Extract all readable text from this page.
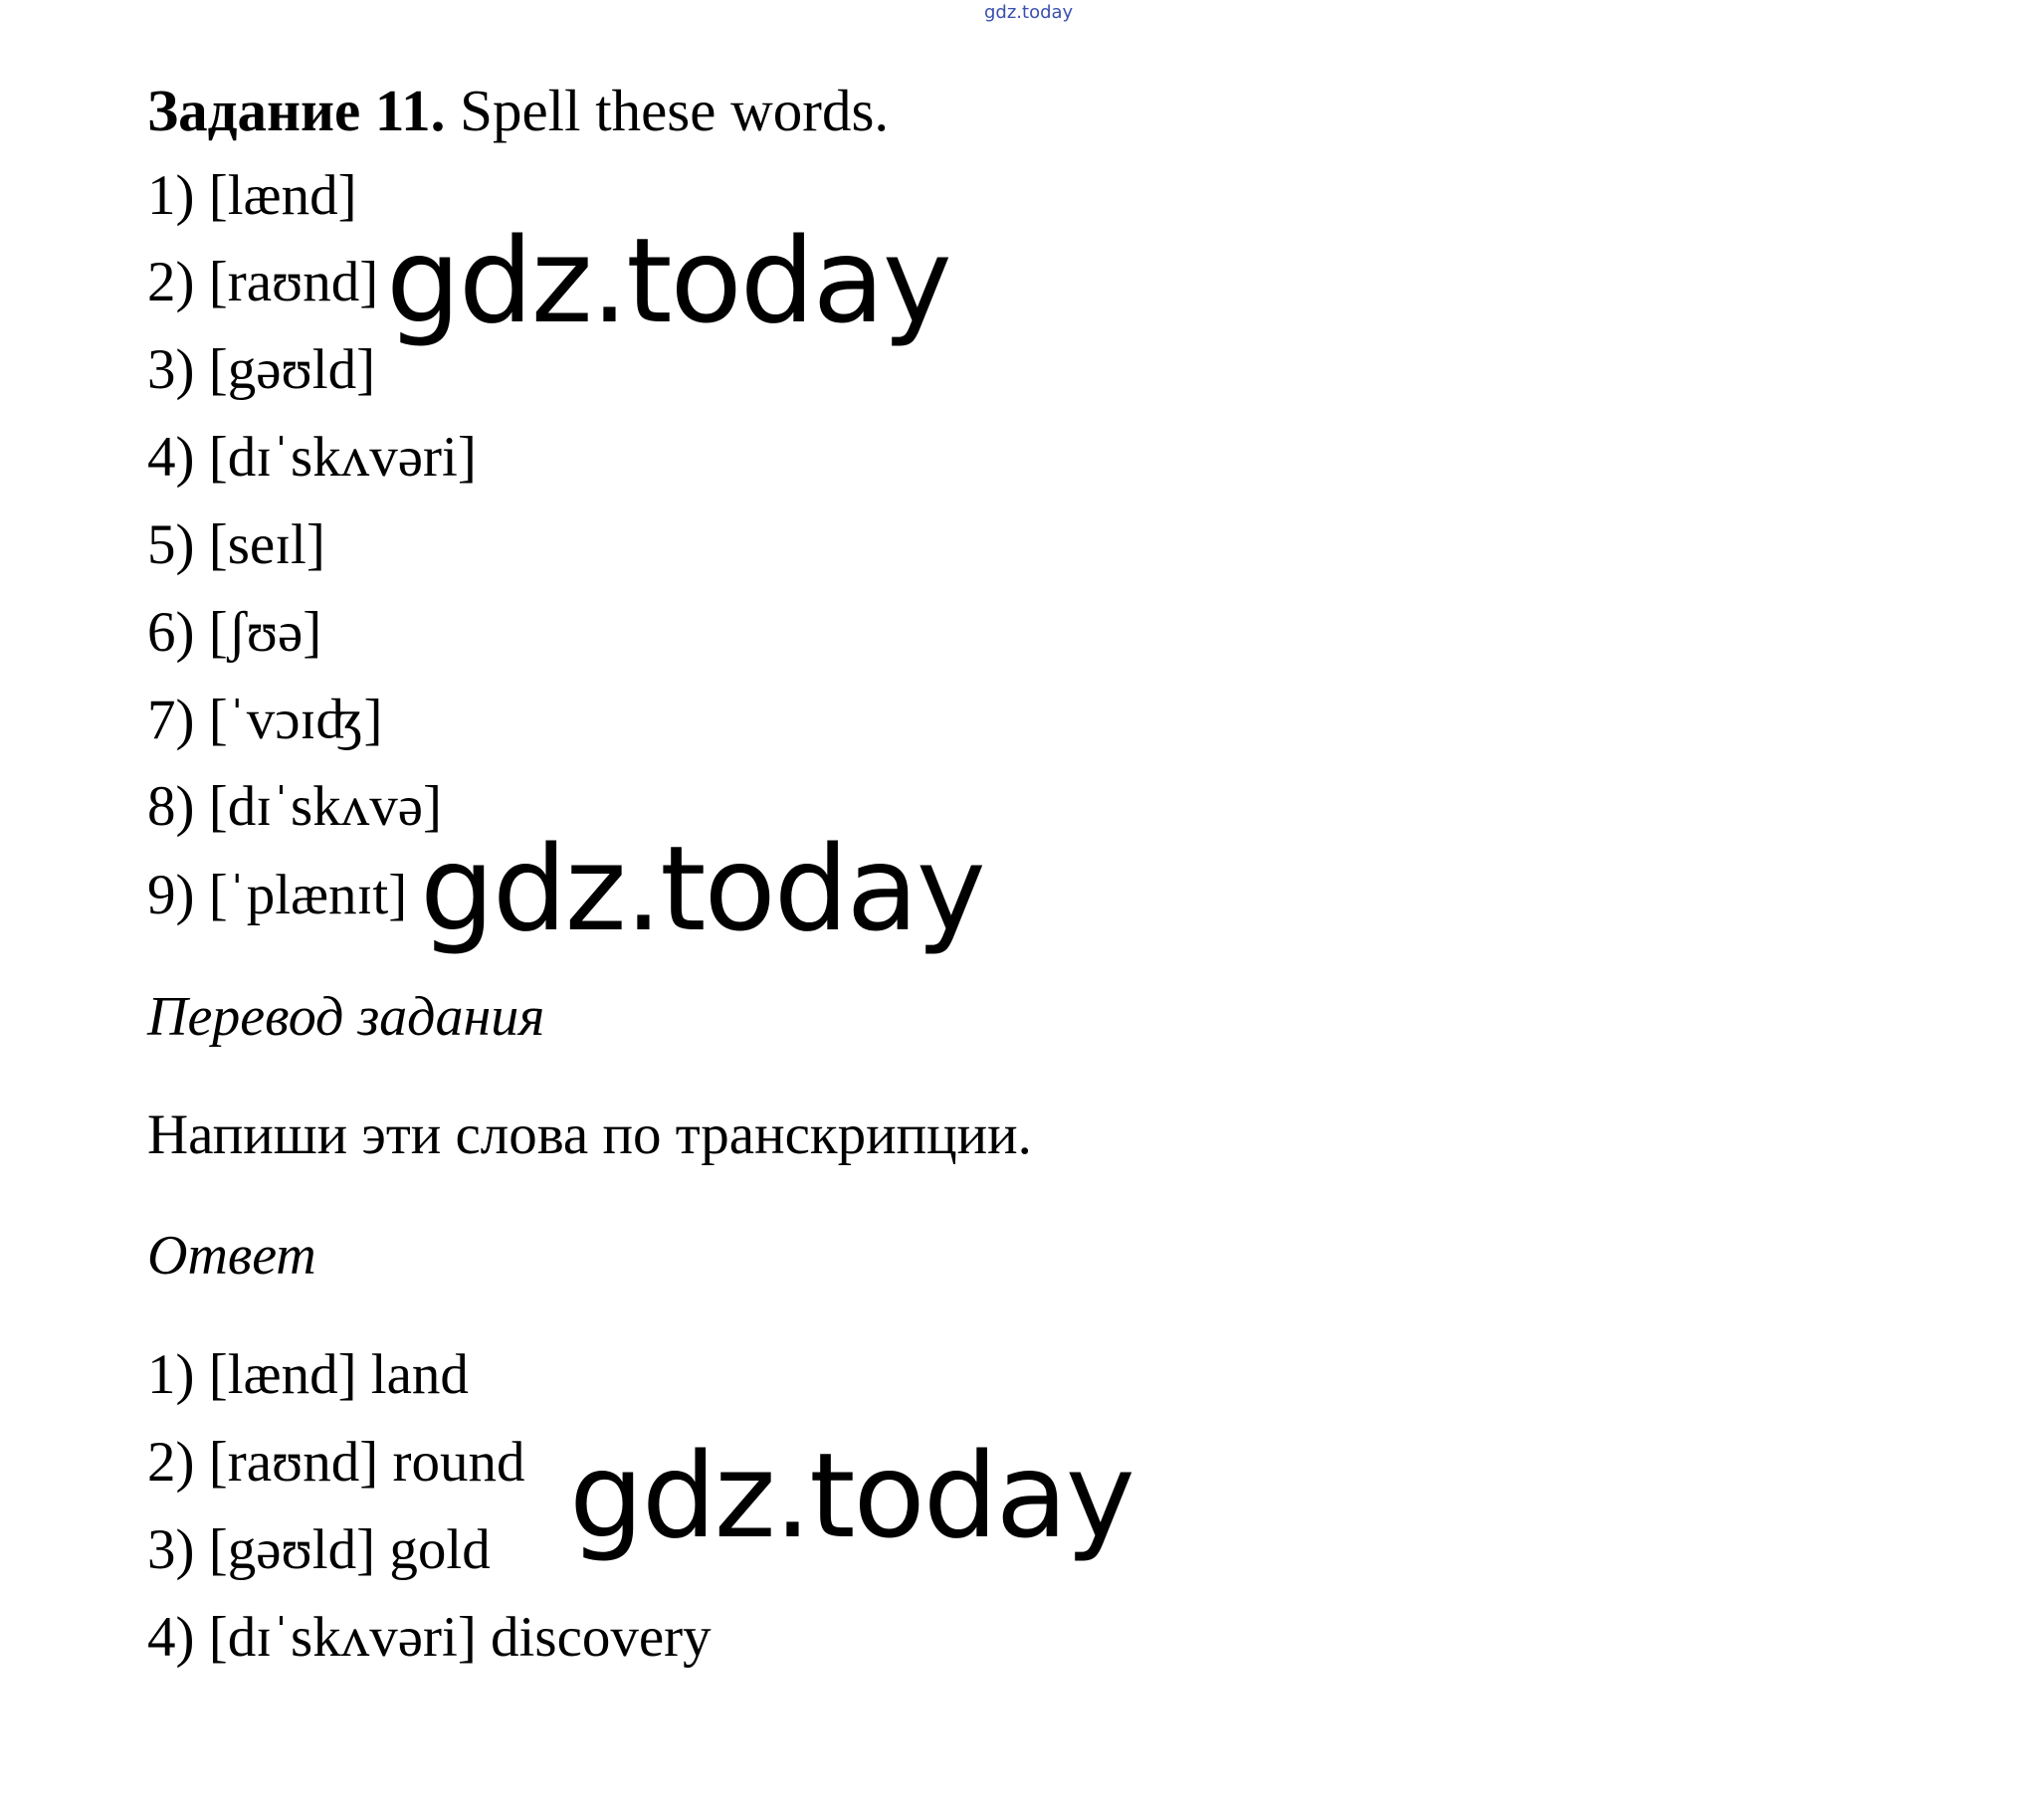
gdz.today
Задание 11. Spell these words.
1) [lænd]
2) [raʊnd]
3) [gəʊld]
4) [dɪˈskʌvəri]
5) [seɪl]
6) [ʃʊə]
7) [ˈvɔɪʤ]
8) [dɪˈskʌvə]
9) [ˈplænɪt]
gdz.today
gdz.today
Перевод задания
Напиши эти слова по транскрипции.
Ответ
1) [lænd] land
2) [raʊnd] round
3) [gəʊld] gold
4) [dɪˈskʌvəri] discovery
gdz.today
